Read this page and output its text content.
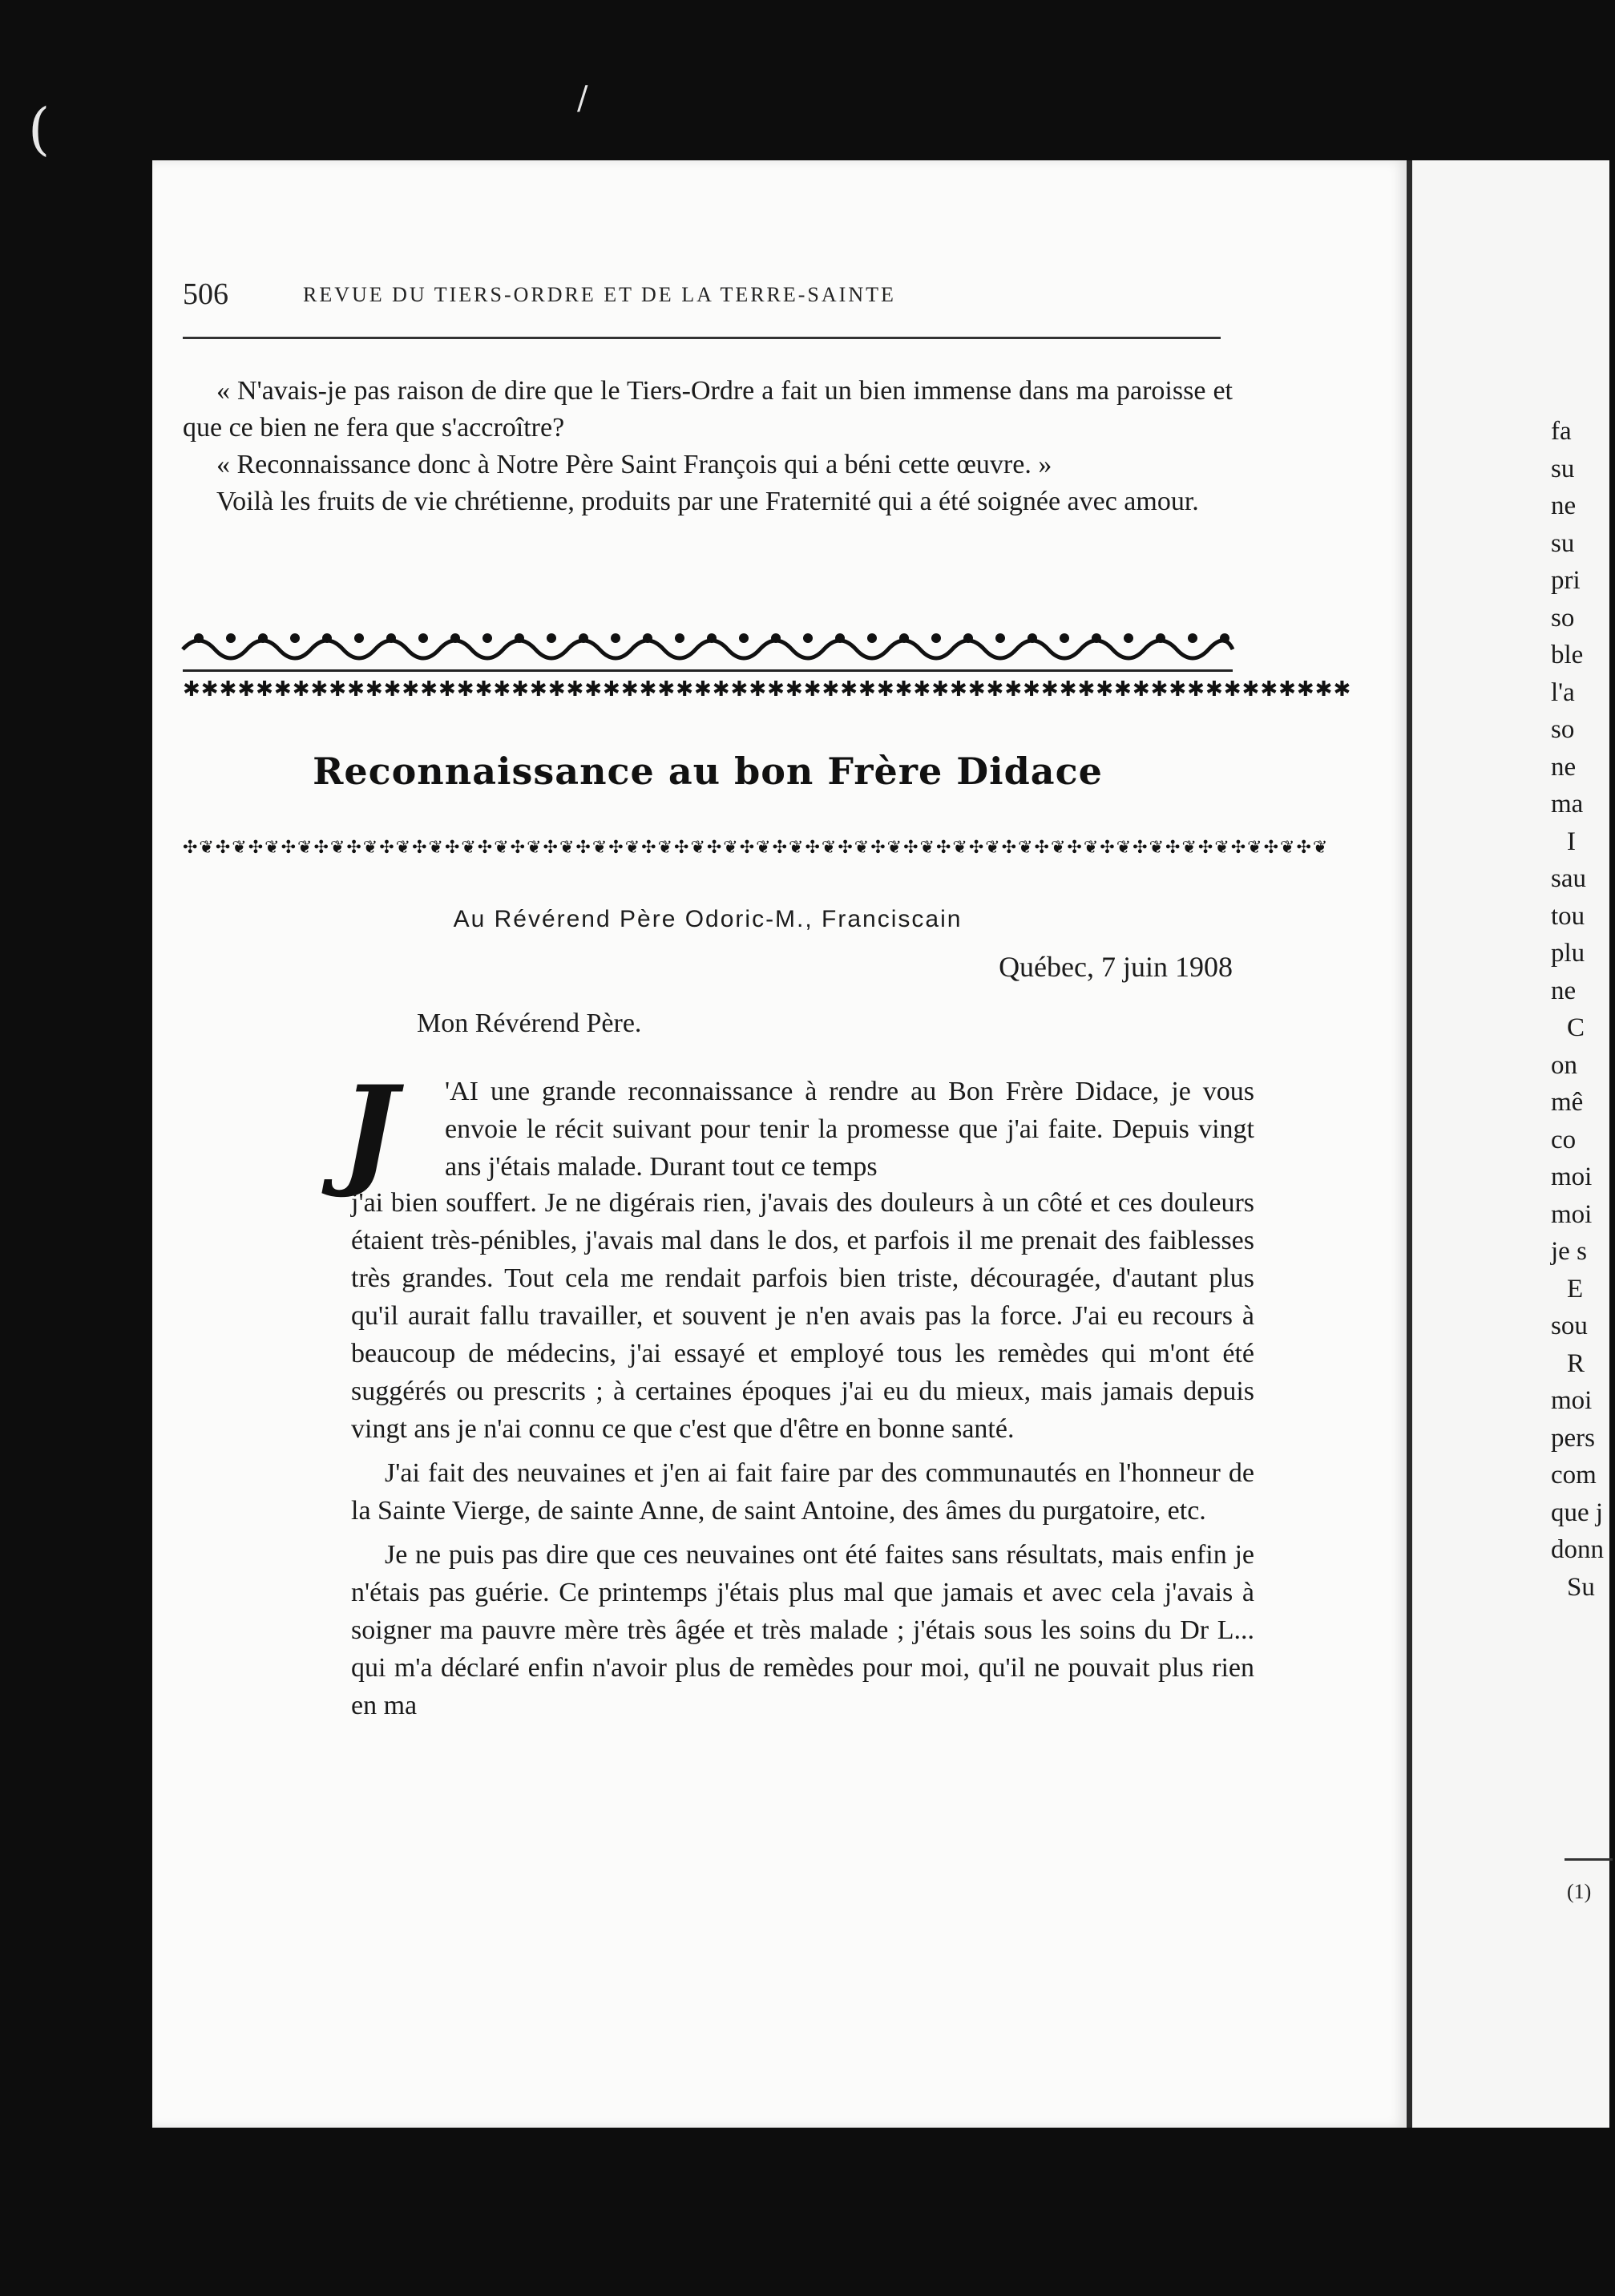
(	/
506	REVUE DU TIERS-ORDRE ET DE LA TERRE-SAINTE

« N'avais-je pas raison de dire que le Tiers-Ordre a fait un bien immense dans ma paroisse et que ce bien ne fera que s'accroître?

« Reconnaissance donc à Notre Père Saint François qui a béni cette œuvre. »

Voilà les fruits de vie chrétienne, produits par une Fraternité qui a été soignée avec amour.

✱✱✱✱✱✱✱✱✱✱✱✱✱✱✱✱✱✱✱✱✱✱✱✱✱✱✱✱✱✱✱✱✱✱✱✱✱✱✱✱✱✱✱✱✱✱✱✱✱✱✱✱✱✱✱✱✱✱✱✱✱✱✱✱
Reconnaissance au bon Frère Didace
✣❦✣❦✣❦✣❦✣❦✣❦✣❦✣❦✣❦✣❦✣❦✣❦✣❦✣❦✣❦✣❦✣❦✣❦✣❦✣❦✣❦✣❦✣❦✣❦✣❦✣❦✣❦✣❦✣❦✣❦✣❦✣❦✣❦✣❦✣❦
Au Révérend Père Odoric-M., Franciscain
Québec, 7 juin 1908
Mon Révérend Père.
J	'AI une grande reconnaissance à rendre au Bon Frère Didace, je vous envoie le récit suivant pour tenir la promesse que j'ai faite. Depuis vingt ans j'étais malade. Durant tout ce temps

j'ai bien souffert. Je ne digérais rien, j'avais des douleurs à un côté et ces douleurs étaient très-pénibles, j'avais mal dans le dos, et parfois il me prenait des faiblesses très grandes. Tout cela me rendait parfois bien triste, découragée, d'autant plus qu'il aurait fallu travailler, et souvent je n'en avais pas la force. J'ai eu recours à beaucoup de médecins, j'ai essayé et employé tous les remèdes qui m'ont été suggérés ou prescrits ; à certaines époques j'ai eu du mieux, mais jamais depuis vingt ans je n'ai connu ce que c'est que d'être en bonne santé.

J'ai fait des neuvaines et j'en ai fait faire par des communautés en l'honneur de la Sainte Vierge, de sainte Anne, de saint Antoine, des âmes du purgatoire, etc.

Je ne puis pas dire que ces neuvaines ont été faites sans résultats, mais enfin je n'étais pas guérie. Ce printemps j'étais plus mal que jamais et avec cela j'avais à soigner ma pauvre mère très âgée et très malade ; j'étais sous les soins du Dr L... qui m'a déclaré enfin n'avoir plus de remèdes pour moi, qu'il ne pouvait plus rien en ma

fa
su
ne
su
pri
so
ble
l'a
so
ne
ma
I
sau
tou
plu
ne
C
on
mê
co
moi
moi
je s
E
sou
R
moi
pers
com
que j
donn
Su
(1)
